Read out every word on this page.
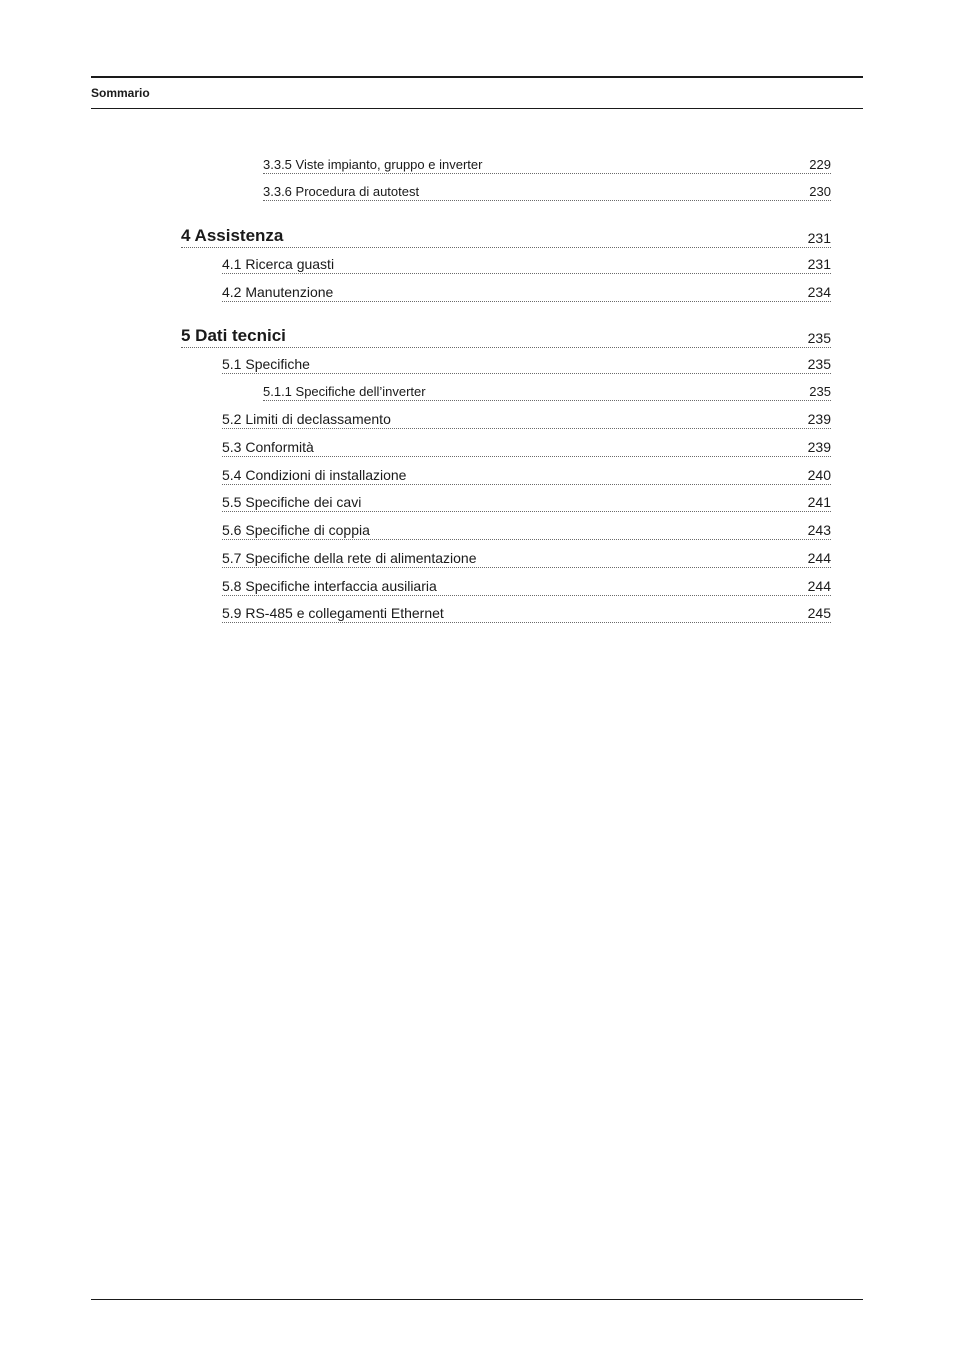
Sommario
3.3.5 Viste impianto, gruppo e inverter	229
3.3.6 Procedura di autotest	230
4 Assistenza	231
4.1 Ricerca guasti	231
4.2 Manutenzione	234
5 Dati tecnici	235
5.1 Specifiche	235
5.1.1 Specifiche dell’inverter	235
5.2 Limiti di declassamento	239
5.3 Conformità	239
5.4 Condizioni di installazione	240
5.5 Specifiche dei cavi	241
5.6 Specifiche di coppia	243
5.7 Specifiche della rete di alimentazione	244
5.8 Specifiche interfaccia ausiliaria	244
5.9 RS-485 e collegamenti Ethernet	245
